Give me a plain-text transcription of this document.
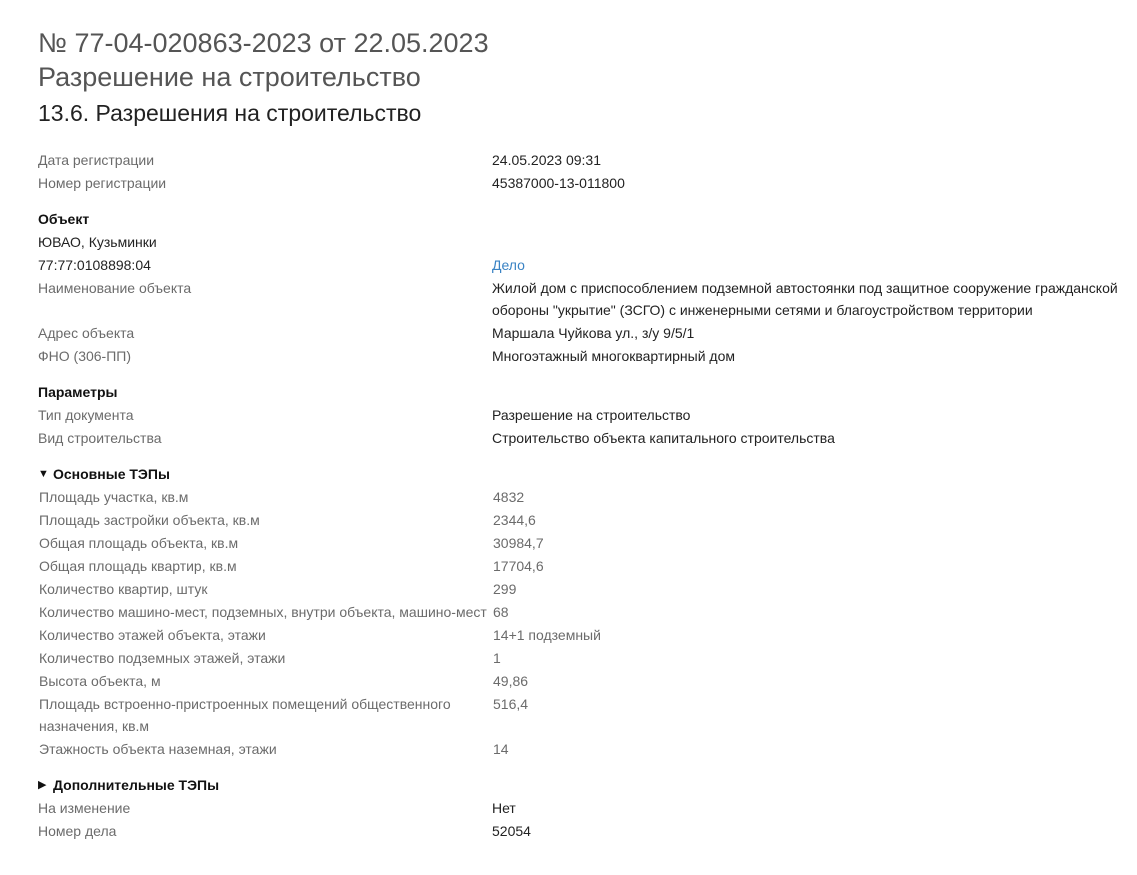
№ 77-04-020863-2023 от 22.05.2023
Разрешение на строительство
13.6. Разрешения на строительство
Дата регистрации	24.05.2023 09:31
Номер регистрации	45387000-13-011800
Объект
ЮВАО, Кузьминки
77:77:0108898:04	Дело
Наименование объекта	Жилой дом с приспособлением подземной автостоянки под защитное сооружение гражданской обороны "укрытие" (ЗСГО) с инженерными сетями и благоустройством территории
Адрес объекта	Маршала Чуйкова ул., з/у 9/5/1
ФНО (306-ПП)	Многоэтажный многоквартирный дом
Параметры
Тип документа	Разрешение на строительство
Вид строительства	Строительство объекта капитального строительства
▼ Основные ТЭПы
Площадь участка, кв.м	4832
Площадь застройки объекта, кв.м	2344,6
Общая площадь объекта, кв.м	30984,7
Общая площадь квартир, кв.м	17704,6
Количество квартир, штук	299
Количество машино-мест, подземных, внутри объекта, машино-мест 68
Количество этажей объекта, этажи	14+1 подземный
Количество подземных этажей, этажи	1
Высота объекта, м	49,86
Площадь встроенно-пристроенных помещений общественного назначения, кв.м
516,4
Этажность объекта наземная, этажи	14
▶ Дополнительные ТЭПы
На изменение	Нет
Номер дела	52054
